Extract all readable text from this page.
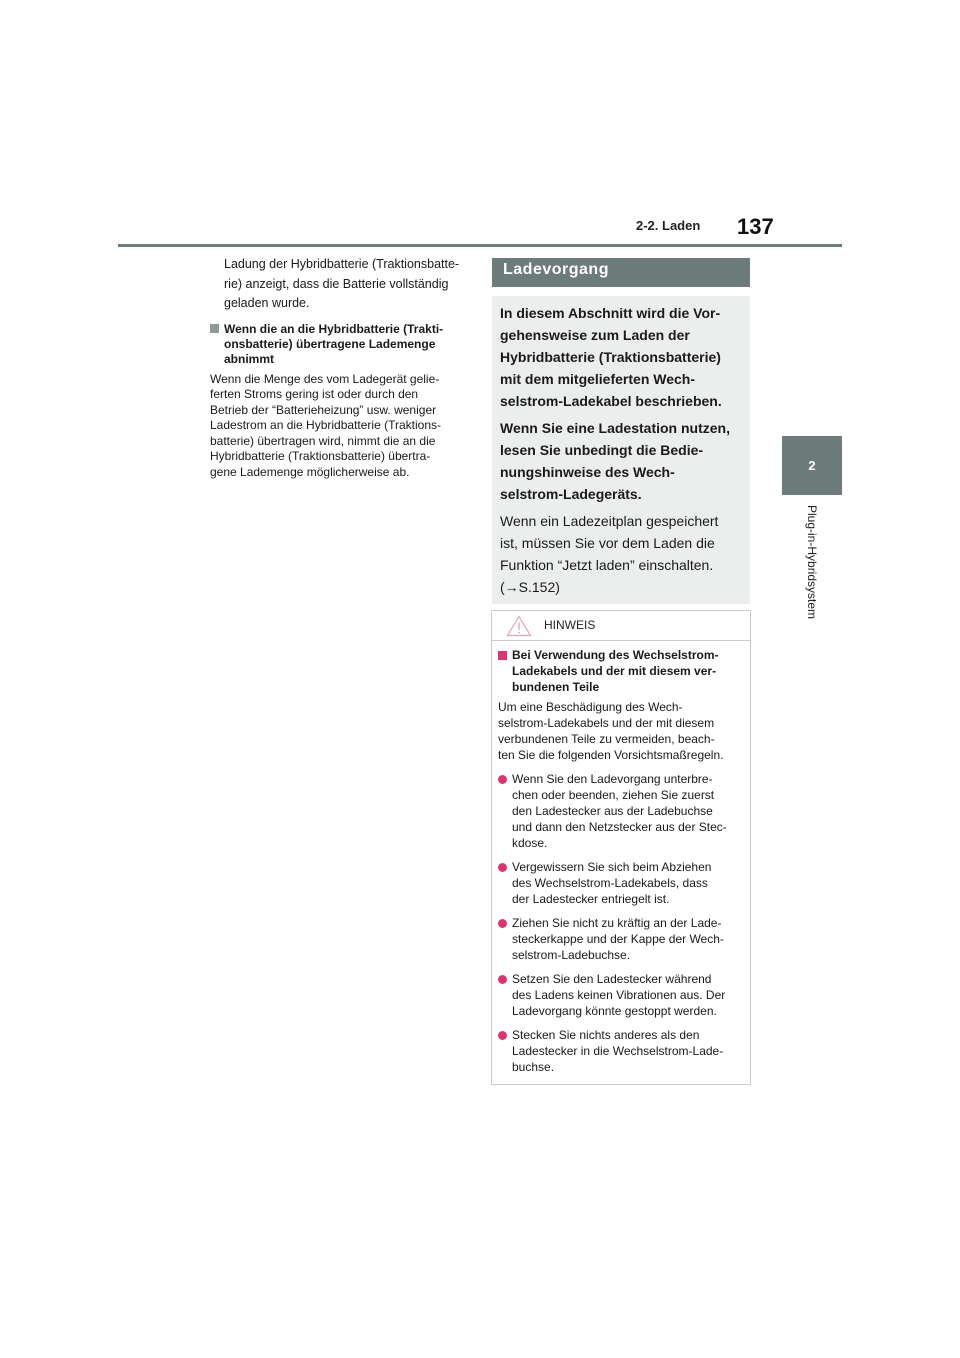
2-2. Laden 137
2
Plug-in-Hybridsystem
Ladung der Hybridbatterie (Traktionsbatte-
rie) anzeigt, dass die Batterie vollständig
geladen wurde.
Wenn die an die Hybridbatterie (Trakti-
onsbatterie) übertragene Lademenge
abnimmt
Wenn die Menge des vom Ladegerät gelie-
ferten Stroms gering ist oder durch den
Betrieb der “Batterieheizung” usw. weniger
Ladestrom an die Hybridbatterie (Traktions-
batterie) übertragen wird, nimmt die an die
Hybridbatterie (Traktionsbatterie) übertra-
gene Lademenge möglicherweise ab.
Ladevorgang
In diesem Abschnitt wird die Vor-
gehensweise zum Laden der
Hybridbatterie (Traktionsbatterie)
mit dem mitgelieferten Wech-
selstrom-Ladekabel beschrieben.
Wenn Sie eine Ladestation nutzen,
lesen Sie unbedingt die Bedie-
nungshinweise des Wech-
selstrom-Ladegeräts.
Wenn ein Ladezeitplan gespeichert
ist, müssen Sie vor dem Laden die
Funktion “Jetzt laden” einschalten.
(→S.152)
HINWEIS
Bei Verwendung des Wechselstrom-
Ladekabels und der mit diesem ver-
bundenen Teile
Um eine Beschädigung des Wech-
selstrom-Ladekabels und der mit diesem
verbundenen Teile zu vermeiden, beach-
ten Sie die folgenden Vorsichtsmaßregeln.
Wenn Sie den Ladevorgang unterbre-
chen oder beenden, ziehen Sie zuerst
den Ladestecker aus der Ladebuchse
und dann den Netzstecker aus der Stec-
kdose.
Vergewissern Sie sich beim Abziehen
des Wechselstrom-Ladekabels, dass
der Ladestecker entriegelt ist.
Ziehen Sie nicht zu kräftig an der Lade-
steckerkappe und der Kappe der Wech-
selstrom-Ladebuchse.
Setzen Sie den Ladestecker während
des Ladens keinen Vibrationen aus. Der
Ladevorgang könnte gestoppt werden.
Stecken Sie nichts anderes als den
Ladestecker in die Wechselstrom-Lade-
buchse.
